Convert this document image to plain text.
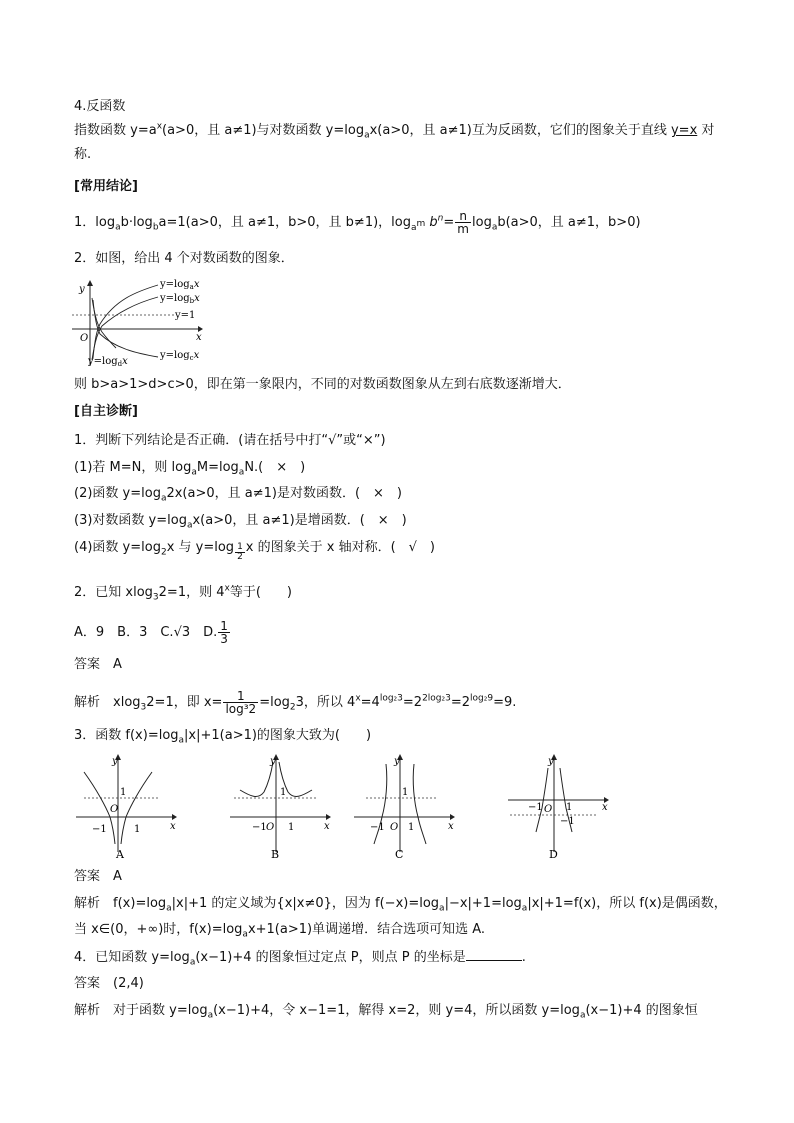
4.反函数
指数函数 $y=a^x(a>0$，且 a≠1)与对数函数 $y=\log_ax(a>0$，且 a≠1)互为反函数，它们的图象关于直线 y=x 对
称.
[常用结论]
1．$\log_ab\cdot\log_ba=1(a>0$，且 a≠1，b>0，且 b≠1)，$\log_{a^m} b^n= \frac{n}{m} \log_ab(a>0$，且 a≠1，b>0)
2．如图，给出 4 个对数函数的图象．
y
x
O
$y=\log_ax$
$y=\log_bx$
y=1
$y=\log_cx$
$y=\log_dx$
则 b>a>1>d>c>0，即在第一象限内，不同的对数函数图象从左到右底数逐渐增大．
[自主诊断]
1．判断下列结论是否正确．(请在括号中打“√”或“×”)
(1)若 M=N，则 $\log_aM=\log_aN$.(　×　)
(2)函数 $y=\log_a2x(a>0$，且 a≠1)是对数函数．(　×　)
(3)对数函数 $y=\log_ax(a>0$，且 a≠1)是增函数．(　×　)
(4)函数 $y=\log_2x$ 与 y=log $_{\frac{1}{2}}$ x 的图象关于 x 轴对称．(　√　)
2．已知 xlog$_3$2=1，则 4$^x$等于(　　)
A．9　B．3　C.√3　D. $\frac{1}{3}$
答案　 A
解析　 xlog$_3$2=1，即 $x= \frac{1}{\text{log³2}} =\log_23$，所以 $4^x=4^{log_23}=2^{2log_23}=2^{log_29}=9$.
3．函数 $f(x)=\log_a|x|+1(a>1)$的图象大致为(　　)
y
x
O
1
−1	1
A
y
x
O
1
−1 1
B
y
x
O
1
−1 1
C
y
x
O
−1 1
−1
D
答案　 A
解析　 $f(x)=\log_a|x|+1$ 的定义域为{x|x≠0}，因为 $f(-x)=\log_a|-x|+1=\log_a|x|+1=f(x)$，所以 f(x)是偶函数，
当 x∈(0，+∞)时，$f(x)=\log_ax+1(a>1)$单调递增．结合选项可知选 A.
4．已知函数 $y=\log_a(x-1)+4$ 的图象恒过定点 P，则点 P 的坐标是	.
答案　 (2,4)
解析　 对于函数 $y=\log_a(x-1)+4$，令 x−1=1，解得 x=2，则 y=4，所以函数 $y=\log_a(x-1)+4$ 的图象恒
